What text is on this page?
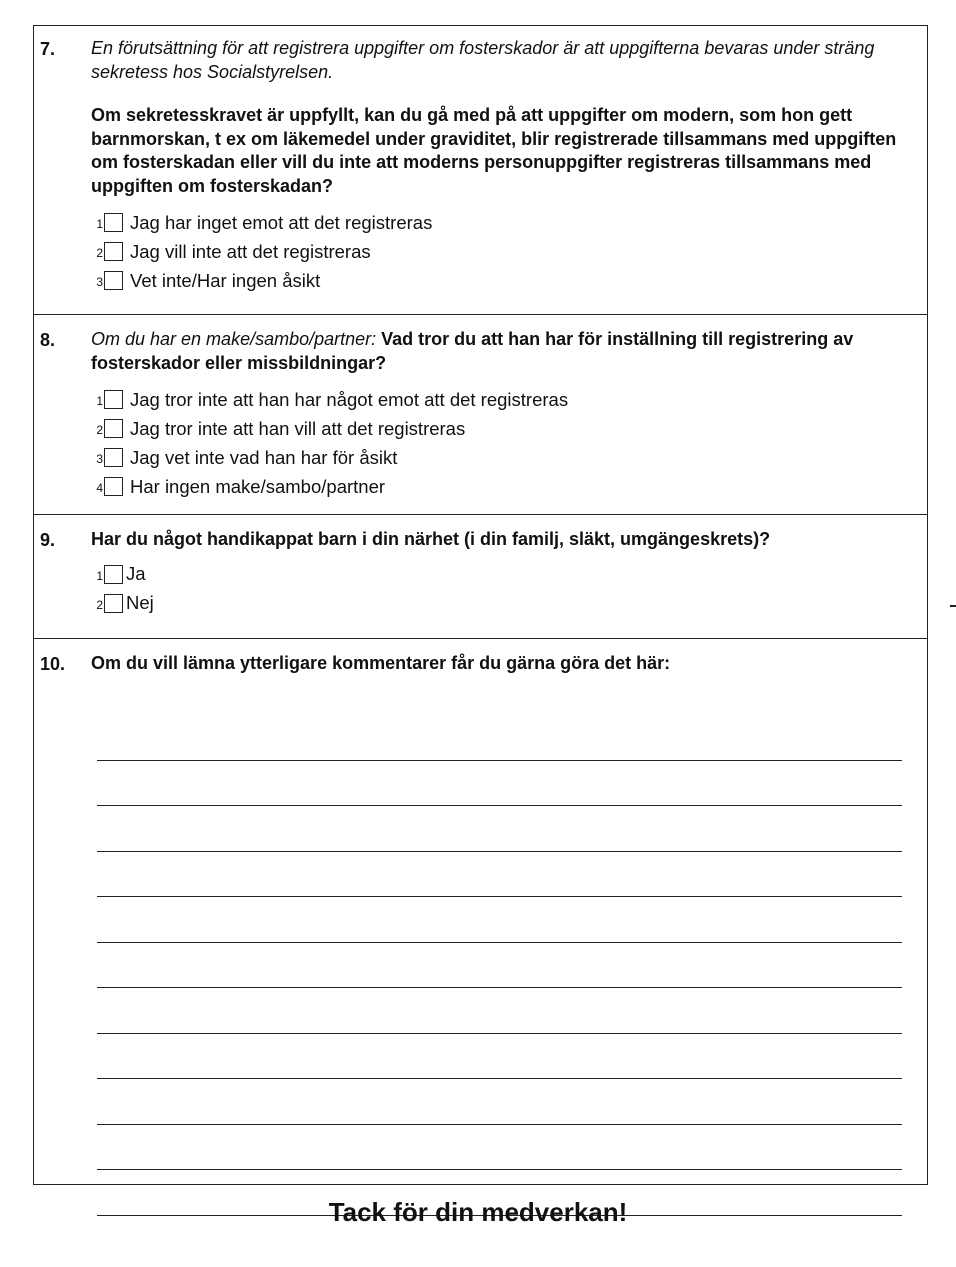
7. En förutsättning för att registrera uppgifter om fosterskador är att uppgifterna bevaras under sträng sekretess hos Socialstyrelsen.

Om sekretesskravet är uppfyllt, kan du gå med på att uppgifter om modern, som hon gett barnmorskan, t ex om läkemedel under graviditet, blir registrerade tillsammans med uppgiften om fosterskadan eller vill du inte att moderns personuppgifter registreras tillsammans med uppgiften om fosterskadan?

1 Jag har inget emot att det registreras
2 Jag vill inte att det registreras
3 Vet inte/Har ingen åsikt
8. Om du har en make/sambo/partner: Vad tror du att han har för inställning till registrering av fosterskador eller missbildningar?

1 Jag tror inte att han har något emot att det registreras
2 Jag tror inte att han vill att det registreras
3 Jag vet inte vad han har för åsikt
4 Har ingen make/sambo/partner
9. Har du något handikappat barn i din närhet (i din familj, släkt, umgängeskrets)?

1 Ja
2 Nej
10. Om du vill lämna ytterligare kommentarer får du gärna göra det här:

Tack för din medverkan!
